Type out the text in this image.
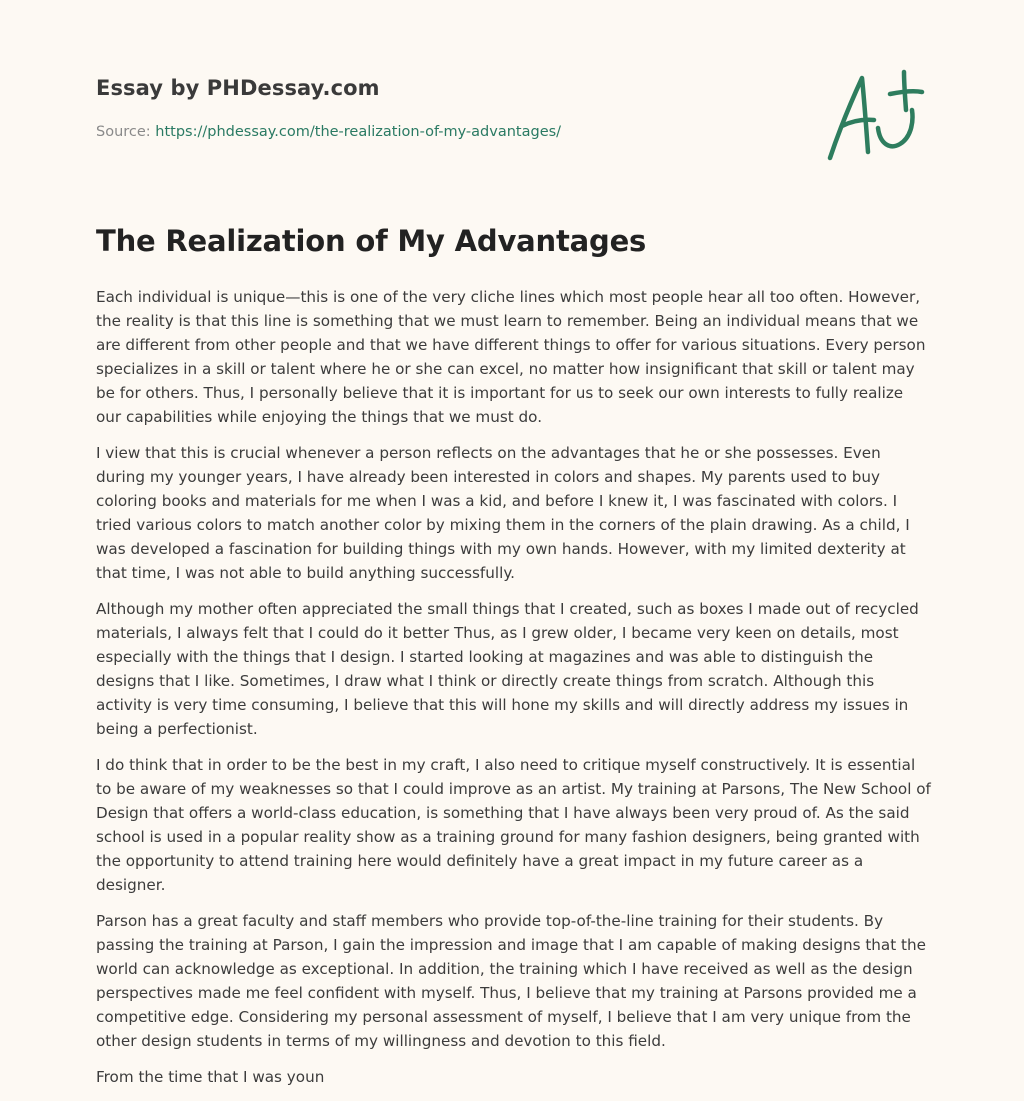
Essay by PHDessay.com
Source: https://phdessay.com/the-realization-of-my-advantages/
The Realization of My Advantages

Each individual is unique—this is one of the very cliche lines which most people hear all too often. However, the reality is that this line is something that we must learn to remember. Being an individual means that we are different from other people and that we have different things to offer for various situations. Every person specializes in a skill or talent where he or she can excel, no matter how insignificant that skill or talent may be for others. Thus, I personally believe that it is important for us to seek our own interests to fully realize our capabilities while enjoying the things that we must do.

I view that this is crucial whenever a person reflects on the advantages that he or she possesses. Even during my younger years, I have already been interested in colors and shapes. My parents used to buy coloring books and materials for me when I was a kid, and before I knew it, I was fascinated with colors. I tried various colors to match another color by mixing them in the corners of the plain drawing. As a child, I was developed a fascination for building things with my own hands. However, with my limited dexterity at that time, I was not able to build anything successfully.

Although my mother often appreciated the small things that I created, such as boxes I made out of recycled materials, I always felt that I could do it better Thus, as I grew older, I became very keen on details, most especially with the things that I design. I started looking at magazines and was able to distinguish the designs that I like. Sometimes, I draw what I think or directly create things from scratch. Although this activity is very time consuming, I believe that this will hone my skills and will directly address my issues in being a perfectionist.

I do think that in order to be the best in my craft, I also need to critique myself constructively. It is essential to be aware of my weaknesses so that I could improve as an artist. My training at Parsons, The New School of Design that offers a world-class education, is something that I have always been very proud of. As the said school is used in a popular reality show as a training ground for many fashion designers, being granted with the opportunity to attend training here would definitely have a great impact in my future career as a designer.

Parson has a great faculty and staff members who provide top-of-the-line training for their students. By passing the training at Parson, I gain the impression and image that I am capable of making designs that the world can acknowledge as exceptional. In addition, the training which I have received as well as the design perspectives made me feel confident with myself. Thus, I believe that my training at Parsons provided me a competitive edge. Considering my personal assessment of myself, I believe that I am very unique from the other design students in terms of my willingness and devotion to this field.

From the time that I was youn
